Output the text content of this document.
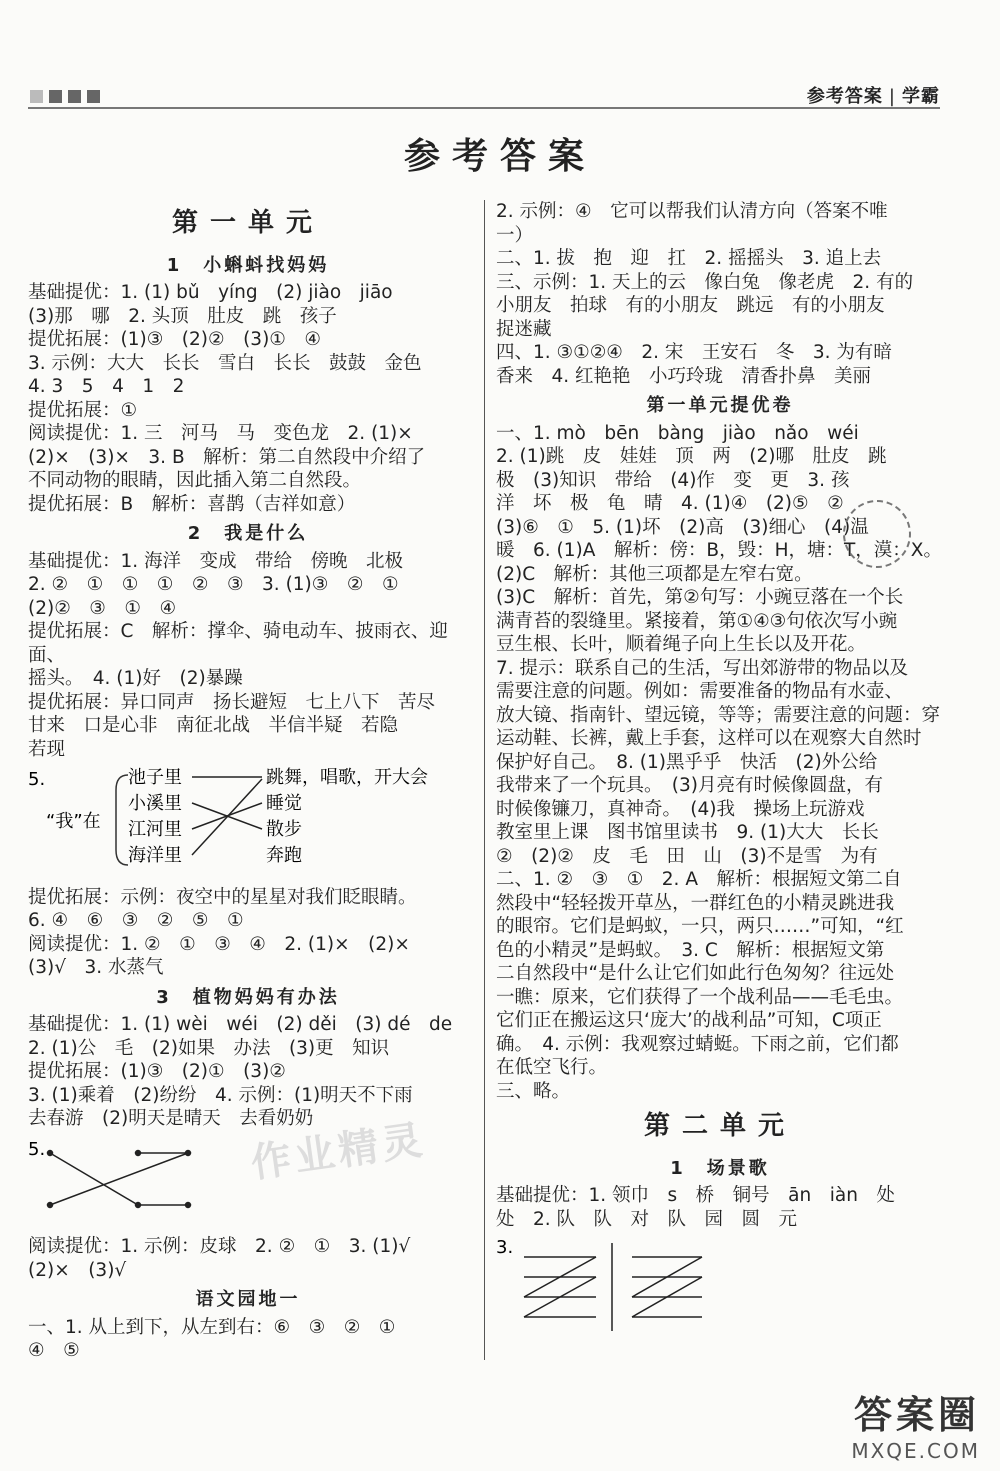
参考答案 | 学霸
参考答案
作业精灵
第一单元
1　小蝌蚪找妈妈
基础提优：1. (1) bǔ　yíng　(2) jiào　jiāo
(3)那　哪　2. 头顶　肚皮　跳　孩子
提优拓展：(1)③　(2)②　(3)①　④
3. 示例：大大　长长　雪白　长长　鼓鼓　金色
4. 3　5　4　1　2
提优拓展：①
阅读提优：1. 三　河马　马　变色龙　2. (1)×
(2)×　(3)×　3. B　解析：第二自然段中介绍了
不同动物的眼睛，因此插入第二自然段。
提优拓展：B　解析：喜鹊（吉祥如意）
2　我是什么
基础提优：1. 海洋　变成　带给　傍晚　北极
2. ②　①　①　①　②　③　3. (1)③　②　①
(2)②　③　①　④
提优拓展：C　解析：撑伞、骑电动车、披雨衣、迎面、
摇头。　4. (1)好　(2)暴躁
提优拓展：异口同声　扬长避短　七上八下　苦尽
甘来　口是心非　南征北战　半信半疑　若隐
若现
5.
“我”在
池子里
小溪里
江河里
海洋里
跳舞，唱歌，开大会
睡觉
散步
奔跑
提优拓展：示例：夜空中的星星对我们眨眼睛。
6. ④　⑥　③　②　⑤　①
阅读提优：1. ②　①　③　④　2. (1)×　(2)×
(3)√　3. 水蒸气
3　植物妈妈有办法
基础提优：1. (1) wèi　wéi　(2) děi　(3) dé　de
2. (1)公　毛　(2)如果　办法　(3)更　知识
提优拓展：(1)③　(2)①　(3)②
3. (1)乘着　(2)纷纷　4. 示例：(1)明天不下雨
去春游　(2)明天是晴天　去看奶奶
5.
阅读提优：1. 示例：皮球　2. ②　①　3. (1)√
(2)×　(3)√
语文园地一
一、1. 从上到下，从左到右：⑥　③　②　①
④　⑤
2. 示例：④　它可以帮我们认清方向（答案不唯
一）
二、1. 拔　抱　迎　扛　2. 摇摇头　3. 追上去
三、示例：1. 天上的云　像白兔　像老虎　2. 有的
小朋友　拍球　有的小朋友　跳远　有的小朋友
捉迷藏
四、1. ③①②④　2. 宋　王安石　冬　3. 为有暗
香来　4. 红艳艳　小巧玲珑　清香扑鼻　美丽
第一单元提优卷
一、1. mò　bēn　bàng　jiào　nǎo　wéi
2. (1)跳　皮　娃娃　顶　两　(2)哪　肚皮　跳
极　(3)知识　带给　(4)作　变　更　3. 孩
洋　坏　极　龟　晴　4. (1)④　(2)⑤　②
(3)⑥　①　5. (1)坏　(2)高　(3)细心　(4)温
暖　6. (1)A　解析：傍：B，毁：H，塘：T，漠：X。
(2)C　解析：其他三项都是左窄右宽。
(3)C　解析：首先，第②句写：小豌豆落在一个长
满青苔的裂缝里。紧接着，第①④③句依次写小豌
豆生根、长叶，顺着绳子向上生长以及开花。
7. 提示：联系自己的生活，写出郊游带的物品以及
需要注意的问题。例如：需要准备的物品有水壶、
放大镜、指南针、望远镜，等等；需要注意的问题：穿
运动鞋、长裤，戴上手套，这样可以在观察大自然时
保护好自己。　8. (1)黑乎乎　快活　(2)外公给
我带来了一个玩具。　(3)月亮有时候像圆盘，有
时候像镰刀，真神奇。　(4)我　操场上玩游戏
教室里上课　图书馆里读书　9. (1)大大　长长
②　(2)②　皮　毛　田　山　(3)不是雪　为有
二、1. ②　③　①　2. A　解析：根据短文第二自
然段中“轻轻拨开草丛，一群红色的小精灵跳进我
的眼帘。它们是蚂蚁，一只，两只……”可知，“红
色的小精灵”是蚂蚁。　3. C　解析：根据短文第
二自然段中“是什么让它们如此行色匆匆？往远处
一瞧：原来，它们获得了一个战利品——毛毛虫。
它们正在搬运这只‘庞大’的战利品”可知，C项正
确。　4. 示例：我观察过蜻蜓。下雨之前，它们都
在低空飞行。
三、略。
第二单元
1　场景歌
基础提优：1. 领巾　s　桥　铜号　ān　iàn　处
处　2. 队　队　对　队　园　圆　元
3.
答案圈
MXQE.COM
